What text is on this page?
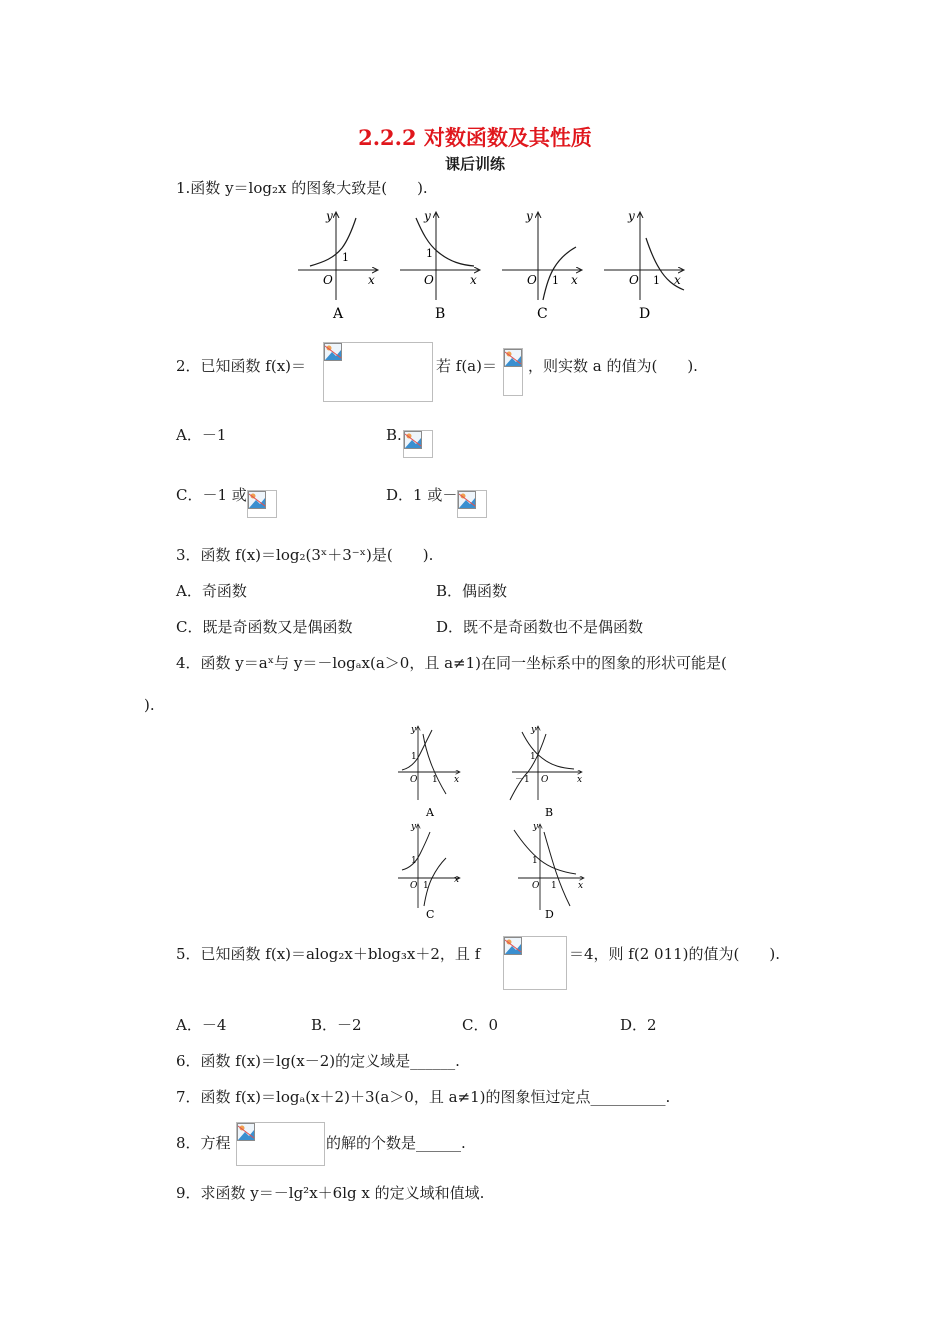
2.2.2 对数函数及其性质
课后训练
1.函数 y＝log₂x 的图象大致是(　　).
y
1
O	x
A
y
1
O	x
B
y
O 1 x
C
y
O 1 x
D
2．已知函数 f(x)＝	若 f(a)＝ ，则实数 a 的值为(　　).
A．－1	B.
C．－1 或	D．1 或－
3．函数 f(x)＝log₂(3ˣ＋3⁻ˣ)是(　　).
A．奇函数	B．偶函数
C．既是奇函数又是偶函数	D．既不是奇函数也不是偶函数
4．函数 y＝aˣ与 y＝－logₐx(a＞0，且 a≠1)在同一坐标系中的图象的形状可能是(
).
y
1
O 1 x
A
y
1
－1 O	x
B
y
1
O 1
x
C
y
1
O 1 x
D
5．已知函数 f(x)＝alog₂x＋blog₃x＋2，且 f	＝4，则 f(2 011)的值为(　　).
A．－4	B．－2	C．0	D．2
6．函数 f(x)＝lg(x－2)的定义域是______.
7．函数 f(x)＝logₐ(x＋2)＋3(a＞0，且 a≠1)的图象恒过定点__________.
8．方程	的解的个数是______.
9．求函数 y＝－lg²x＋6lg x 的定义域和值域.
